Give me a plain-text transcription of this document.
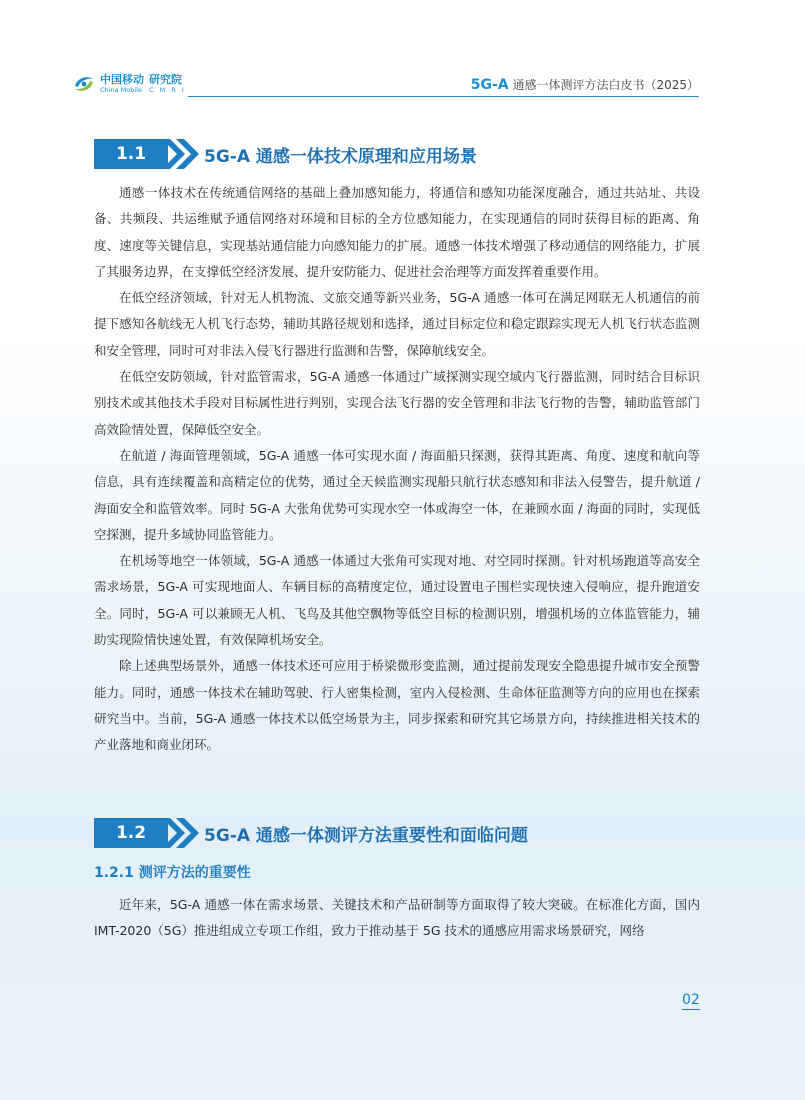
中国移动 研究院
China Mobile C M R I	5G-A 通感一体测评方法白皮书（2025）
1.1	5G-A 通感一体技术原理和应用场景

通感一体技术在传统通信网络的基础上叠加感知能力，将通信和感知功能深度融合，通过共站址、共设备、共频段、共运维赋予通信网络对环境和目标的全方位感知能力，在实现通信的同时获得目标的距离、角度、速度等关键信息，实现基站通信能力向感知能力的扩展。通感一体技术增强了移动通信的网络能力，扩展了其服务边界，在支撑低空经济发展、提升安防能力、促进社会治理等方面发挥着重要作用。

在低空经济领域，针对无人机物流、文旅交通等新兴业务，5G-A 通感一体可在满足网联无人机通信的前提下感知各航线无人机飞行态势，辅助其路径规划和选择，通过目标定位和稳定跟踪实现无人机飞行状态监测和安全管理，同时可对非法入侵飞行器进行监测和告警，保障航线安全。

在低空安防领域，针对监管需求，5G-A 通感一体通过广域探测实现空域内飞行器监测，同时结合目标识别技术或其他技术手段对目标属性进行判别，实现合法飞行器的安全管理和非法飞行物的告警，辅助监管部门高效险情处置，保障低空安全。

在航道 / 海面管理领域，5G-A 通感一体可实现水面 / 海面船只探测，获得其距离、角度、速度和航向等信息，具有连续覆盖和高精定位的优势，通过全天候监测实现船只航行状态感知和非法入侵警告，提升航道 / 海面安全和监管效率。同时 5G-A 大张角优势可实现水空一体或海空一体，在兼顾水面 / 海面的同时，实现低空探测，提升多域协同监管能力。

在机场等地空一体领域，5G-A 通感一体通过大张角可实现对地、对空同时探测。针对机场跑道等高安全需求场景，5G-A 可实现地面人、车辆目标的高精度定位，通过设置电子围栏实现快速入侵响应，提升跑道安全。同时，5G-A 可以兼顾无人机、飞鸟及其他空飘物等低空目标的检测识别，增强机场的立体监管能力，辅助实现险情快速处置，有效保障机场安全。

除上述典型场景外，通感一体技术还可应用于桥梁微形变监测，通过提前发现安全隐患提升城市安全预警能力。同时，通感一体技术在辅助驾驶、行人密集检测，室内入侵检测、生命体征监测等方向的应用也在探索研究当中。当前，5G-A 通感一体技术以低空场景为主，同步探索和研究其它场景方向，持续推进相关技术的产业落地和商业闭环。

1.2	5G-A 通感一体测评方法重要性和面临问题
1.2.1 测评方法的重要性

近年来，5G-A 通感一体在需求场景、关键技术和产品研制等方面取得了较大突破。在标准化方面，国内 IMT-2020（5G）推进组成立专项工作组，致力于推动基于 5G 技术的通感应用需求场景研究，网络

02
